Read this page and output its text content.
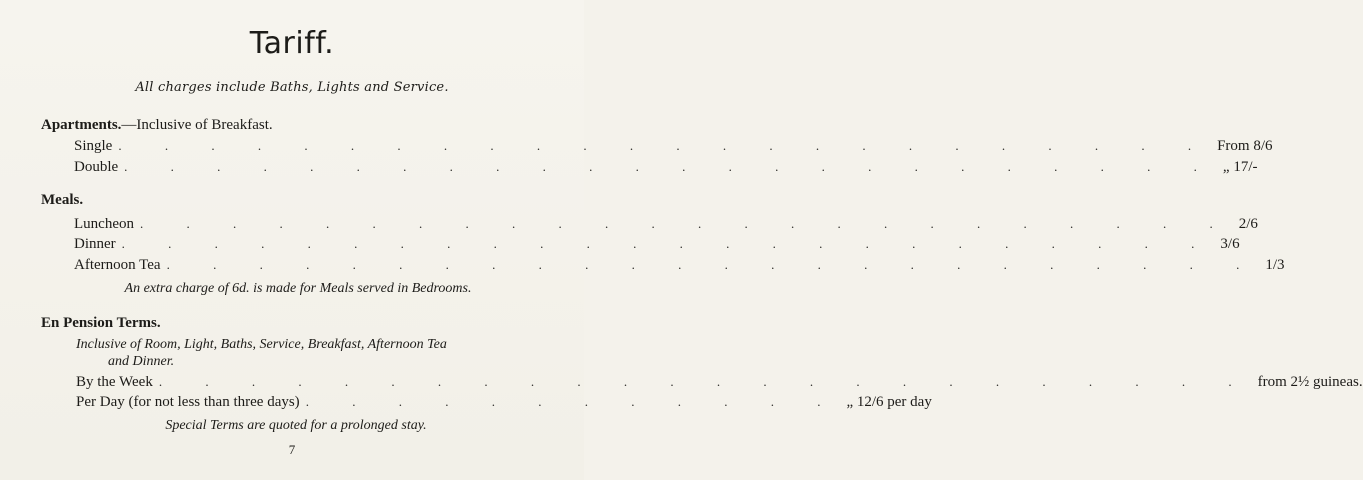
Tariff.
All charges include Baths, Lights and Service.
Apartments.—Inclusive of Breakfast.
Single . . . . . . . . . . . . . . . . . . . . . . . . From 8/6
Double . . . . . . . . . . . . . . . . . . . . . . . . „ 17/-
Meals.
Luncheon . . . . . . . . . . . . . . . . . . . . . . . . 2/6
Dinner . . . . . . . . . . . . . . . . . . . . . . . . 3/6
Afternoon Tea . . . . . . . . . . . . . . . . . . . . . . . . 1/3
An extra charge of 6d. is made for Meals served in Bedrooms.
En Pension Terms.
Inclusive of Room, Light, Baths, Service, Breakfast, Afternoon Tea
and Dinner.
By the Week . . . . . . . . . . . . . . . . . . . . . . . . from 2½ guineas.
Per Day (for not less than three days) . . . . . . . . . . . . „ 12/6 per day
Special Terms are quoted for a prolonged stay.
7
